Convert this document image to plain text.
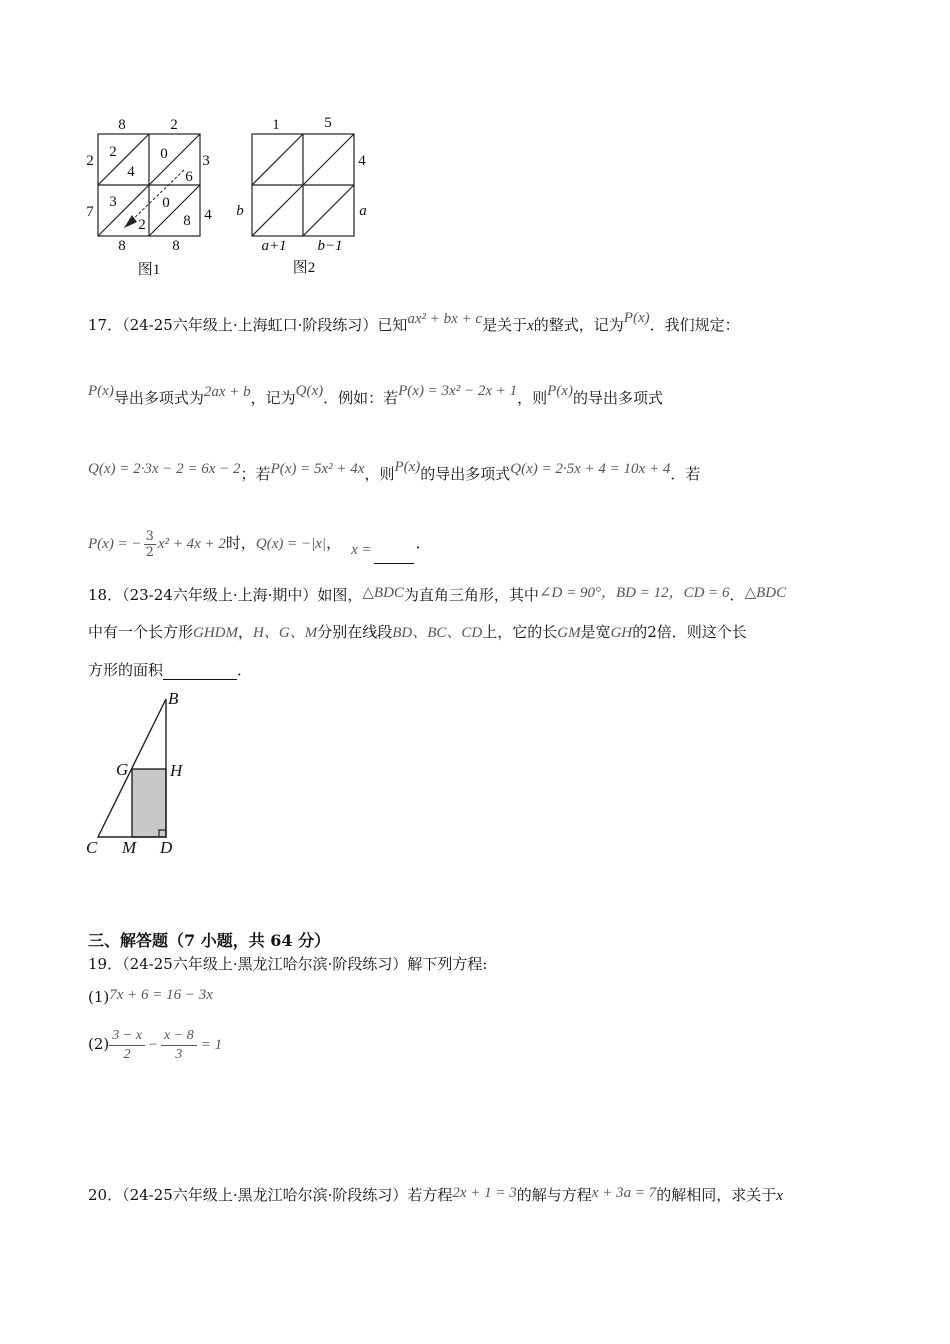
8	2
2
7
3
4
8	8
2
4
0
6
3
2
0
8
图1
1	5
4
a
b
a+1 b−1
图2
17．（24-25六年级上·上海虹口·阶段练习）已知ax² + bx + c是关于x的整式，记为P(x)．我们规定：
P(x)导出多项式为2ax + b，记为Q(x)．例如：若P(x) = 3x² − 2x + 1，则P(x)的导出多项式
Q(x) = 2·3x − 2 = 6x − 2；若P(x) = 5x² + 4x，则P(x)的导出多项式Q(x) = 2·5x + 4 = 10x + 4．若
P(x) = − $\frac{3}{2} x^2 + 4x + 2$时，Q(x) = −|x|， x =	．
18．（23-24六年级上·上海·期中）如图，△BDC为直角三角形，其中∠D = 90°，BD = 12，CD = 6．△BDC
中有一个长方形GHDM，H、G、M分别在线段BD、BC、CD上，它的长GM是宽GH的2倍．则这个长
方形的面积	．
B
G H
C M D
三、解答题（7 小题，共 64 分）
19．（24-25六年级上·黑龙江哈尔滨·阶段练习）解下列方程:
(1)7x + 6 = 16 − 3x
$(2) \frac{3 - x}{2} - \frac{x - 8}{3} = 1$
20．（24-25六年级上·黑龙江哈尔滨·阶段练习）若方程2x + 1 = 3的解与方程x + 3a = 7的解相同，求关于x
